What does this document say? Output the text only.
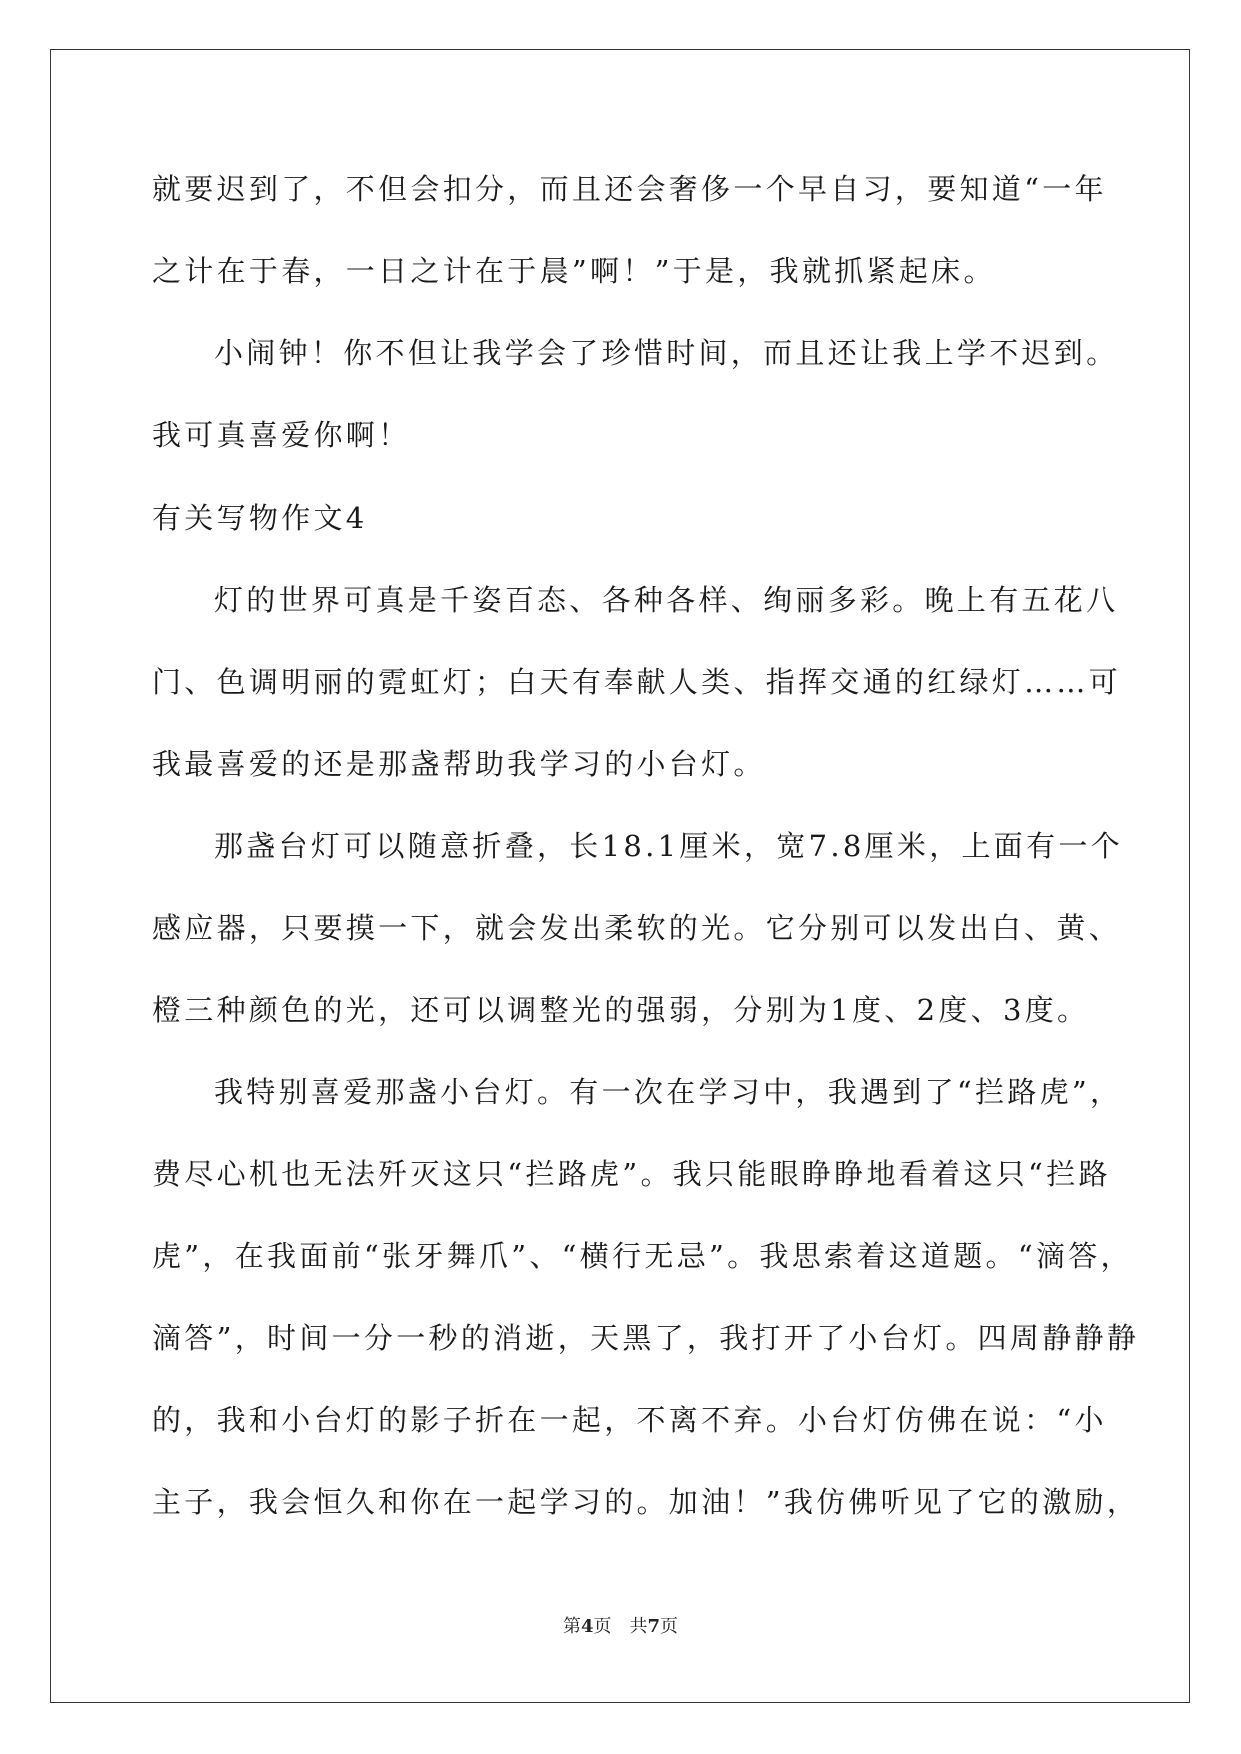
就要迟到了，不但会扣分，而且还会奢侈一个早自习，要知道“一年
之计在于春，一日之计在于晨”啊！”于是，我就抓紧起床。
小闹钟！你不但让我学会了珍惜时间，而且还让我上学不迟到。
我可真喜爱你啊！
有关写物作文4
灯的世界可真是千姿百态、各种各样、绚丽多彩。晚上有五花八
门、色调明丽的霓虹灯；白天有奉献人类、指挥交通的红绿灯……可
我最喜爱的还是那盏帮助我学习的小台灯。
那盏台灯可以随意折叠，长18.1厘米，宽7.8厘米，上面有一个
感应器，只要摸一下，就会发出柔软的光。它分别可以发出白、黄、
橙三种颜色的光，还可以调整光的强弱，分别为1度、2度、3度。
我特别喜爱那盏小台灯。有一次在学习中，我遇到了“拦路虎”，
费尽心机也无法歼灭这只“拦路虎”。我只能眼睁睁地看着这只“拦路
虎”，在我面前“张牙舞爪”、“横行无忌”。我思索着这道题。“滴答，
滴答”，时间一分一秒的消逝，天黑了，我打开了小台灯。四周静静静
的，我和小台灯的影子折在一起，不离不弃。小台灯仿佛在说：“小
主子，我会恒久和你在一起学习的。加油！”我仿佛听见了它的激励，
第4页　共7页
